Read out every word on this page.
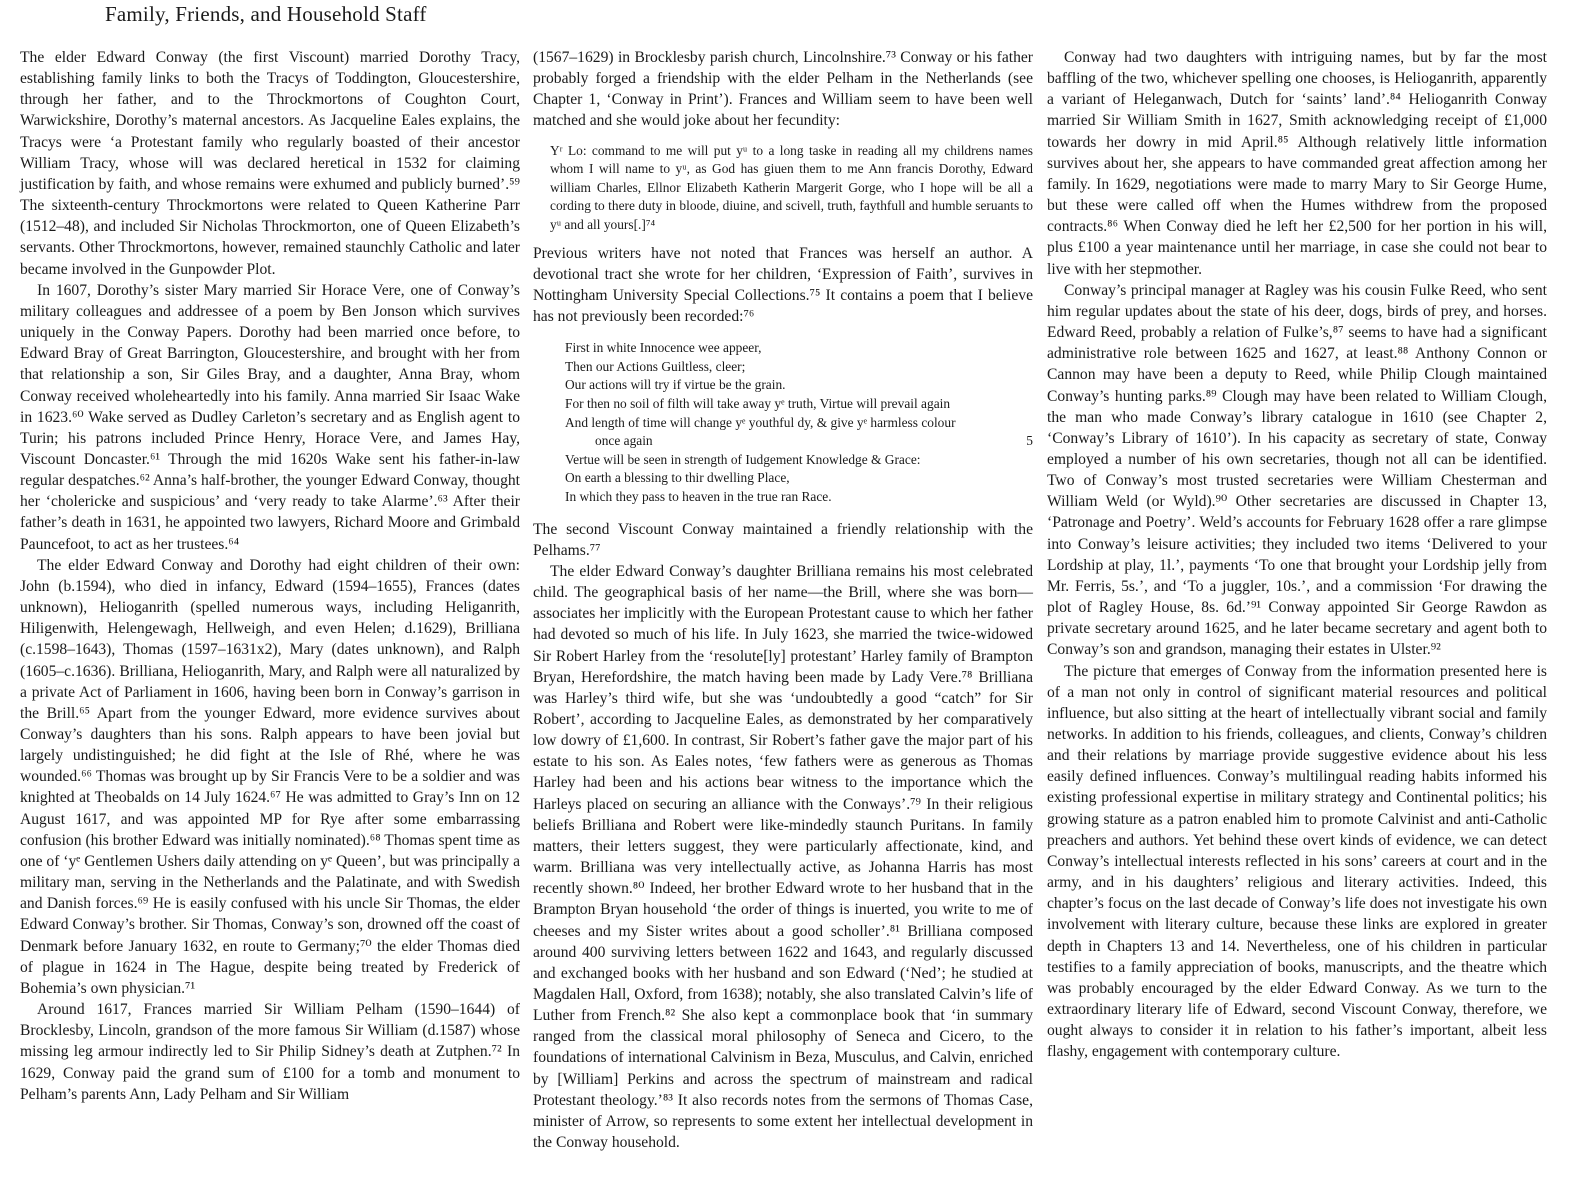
Family, Friends, and Household Staff

The elder Edward Conway (the first Viscount) married Dorothy Tracy, establishing family links to both the Tracys of Toddington, Gloucestershire, through her father, and to the Throckmortons of Coughton Court, Warwickshire, Dorothy’s maternal ancestors. As Jacqueline Eales explains, the Tracys were ‘a Protestant family who regularly boasted of their ancestor William Tracy, whose will was declared heretical in 1532 for claiming justification by faith, and whose remains were exhumed and publicly burned’.⁵⁹ The sixteenth-century Throckmortons were related to Queen Katherine Parr (1512–48), and included Sir Nicholas Throckmorton, one of Queen Elizabeth’s servants. Other Throckmortons, however, remained staunchly Catholic and later became involved in the Gunpowder Plot.

In 1607, Dorothy’s sister Mary married Sir Horace Vere, one of Conway’s military colleagues and addressee of a poem by Ben Jonson which survives uniquely in the Conway Papers. Dorothy had been married once before, to Edward Bray of Great Barrington, Gloucestershire, and brought with her from that relationship a son, Sir Giles Bray, and a daughter, Anna Bray, whom Conway received wholeheartedly into his family. Anna married Sir Isaac Wake in 1623.⁶⁰ Wake served as Dudley Carleton’s secretary and as English agent to Turin; his patrons included Prince Henry, Horace Vere, and James Hay, Viscount Doncaster.⁶¹ Through the mid 1620s Wake sent his father-in-law regular despatches.⁶² Anna’s half-brother, the younger Edward Conway, thought her ‘cholericke and suspicious’ and ‘very ready to take Alarme’.⁶³ After their father’s death in 1631, he appointed two lawyers, Richard Moore and Grimbald Pauncefoot, to act as her trustees.⁶⁴

The elder Edward Conway and Dorothy had eight children of their own: John (b.1594), who died in infancy, Edward (1594–1655), Frances (dates unknown), Helioganrith (spelled numerous ways, including Heliganrith, Hiligenwith, Helengewagh, Hellweigh, and even Helen; d.1629), Brilliana (c.1598–1643), Thomas (1597–1631x2), Mary (dates unknown), and Ralph (1605–c.1636). Brilliana, Helioganrith, Mary, and Ralph were all naturalized by a private Act of Parliament in 1606, having been born in Conway’s garrison in the Brill.⁶⁵ Apart from the younger Edward, more evidence survives about Conway’s daughters than his sons. Ralph appears to have been jovial but largely undistinguished; he did fight at the Isle of Rhé, where he was wounded.⁶⁶ Thomas was brought up by Sir Francis Vere to be a soldier and was knighted at Theobalds on 14 July 1624.⁶⁷ He was admitted to Gray’s Inn on 12 August 1617, and was appointed MP for Rye after some embarrassing confusion (his brother Edward was initially nominated).⁶⁸ Thomas spent time as one of ‘yᵉ Gentlemen Ushers daily attending on yᵉ Queen’, but was principally a military man, serving in the Netherlands and the Palatinate, and with Swedish and Danish forces.⁶⁹ He is easily confused with his uncle Sir Thomas, the elder Edward Conway’s brother. Sir Thomas, Conway’s son, drowned off the coast of Denmark before January 1632, en route to Germany;⁷⁰ the elder Thomas died of plague in 1624 in The Hague, despite being treated by Frederick of Bohemia’s own physician.⁷¹

Around 1617, Frances married Sir William Pelham (1590–1644) of Brocklesby, Lincoln, grandson of the more famous Sir William (d.1587) whose missing leg armour indirectly led to Sir Philip Sidney’s death at Zutphen.⁷² In 1629, Conway paid the grand sum of £100 for a tomb and monument to Pelham’s parents Ann, Lady Pelham and Sir William

(1567–1629) in Brocklesby parish church, Lincolnshire.⁷³ Conway or his father probably forged a friendship with the elder Pelham in the Netherlands (see Chapter 1, ‘Conway in Print’). Frances and William seem to have been well matched and she would joke about her fecundity:

Yʳ Lo: command to me will put yᵘ to a long taske in reading all my childrens names whom I will name to yᵘ, as God has giuen them to me Ann francis Dorothy, Edward william Charles, Ellnor Elizabeth Katherin Margerit Gorge, who I hope will be all a cording to there duty in bloode, diuine, and scivell, truth, faythfull and humble seruants to yᵘ and all yours[.]⁷⁴

Previous writers have not noted that Frances was herself an author. A devotional tract she wrote for her children, ‘Expression of Faith’, survives in Nottingham University Special Collections.⁷⁵ It contains a poem that I believe has not previously been recorded:⁷⁶

First in white Innocence wee appeer,
Then our Actions Guiltless, cleer;
Our actions will try if virtue be the grain.
For then no soil of filth will take away yᵉ truth, Virtue will prevail again
And length of time will change yᵉ youthful dy, & give yᵉ harmless colour
once again	5
Vertue will be seen in strength of Iudgement Knowledge & Grace:
On earth a blessing to thir dwelling Place,
In which they pass to heaven in the true ran Race.

The second Viscount Conway maintained a friendly relationship with the Pelhams.⁷⁷

The elder Edward Conway’s daughter Brilliana remains his most celebrated child. The geographical basis of her name—the Brill, where she was born—associates her implicitly with the European Protestant cause to which her father had devoted so much of his life. In July 1623, she married the twice-widowed Sir Robert Harley from the ‘resolute[ly] protestant’ Harley family of Brampton Bryan, Herefordshire, the match having been made by Lady Vere.⁷⁸ Brilliana was Harley’s third wife, but she was ‘undoubtedly a good “catch” for Sir Robert’, according to Jacqueline Eales, as demonstrated by her comparatively low dowry of £1,600. In contrast, Sir Robert’s father gave the major part of his estate to his son. As Eales notes, ‘few fathers were as generous as Thomas Harley had been and his actions bear witness to the importance which the Harleys placed on securing an alliance with the Conways’.⁷⁹ In their religious beliefs Brilliana and Robert were like-mindedly staunch Puritans. In family matters, their letters suggest, they were particularly affectionate, kind, and warm. Brilliana was very intellectually active, as Johanna Harris has most recently shown.⁸⁰ Indeed, her brother Edward wrote to her husband that in the Brampton Bryan household ‘the order of things is inuerted, you write to me of cheeses and my Sister writes about a good scholler’.⁸¹ Brilliana composed around 400 surviving letters between 1622 and 1643, and regularly discussed and exchanged books with her husband and son Edward (‘Ned’; he studied at Magdalen Hall, Oxford, from 1638); notably, she also translated Calvin’s life of Luther from French.⁸² She also kept a commonplace book that ‘in summary ranged from the classical moral philosophy of Seneca and Cicero, to the foundations of international Calvinism in Beza, Musculus, and Calvin, enriched by [William] Perkins and across the spectrum of mainstream and radical Protestant theology.’⁸³ It also records notes from the sermons of Thomas Case, minister of Arrow, so represents to some extent her intellectual development in the Conway household.

Conway had two daughters with intriguing names, but by far the most baffling of the two, whichever spelling one chooses, is Helioganrith, apparently a variant of Heleganwach, Dutch for ‘saints’ land’.⁸⁴ Helioganrith Conway married Sir William Smith in 1627, Smith acknowledging receipt of £1,000 towards her dowry in mid April.⁸⁵ Although relatively little information survives about her, she appears to have commanded great affection among her family. In 1629, negotiations were made to marry Mary to Sir George Hume, but these were called off when the Humes withdrew from the proposed contracts.⁸⁶ When Conway died he left her £2,500 for her portion in his will, plus £100 a year maintenance until her marriage, in case she could not bear to live with her stepmother.

Conway’s principal manager at Ragley was his cousin Fulke Reed, who sent him regular updates about the state of his deer, dogs, birds of prey, and horses. Edward Reed, probably a relation of Fulke’s,⁸⁷ seems to have had a significant administrative role between 1625 and 1627, at least.⁸⁸ Anthony Connon or Cannon may have been a deputy to Reed, while Philip Clough maintained Conway’s hunting parks.⁸⁹ Clough may have been related to William Clough, the man who made Conway’s library catalogue in 1610 (see Chapter 2, ‘Conway’s Library of 1610’). In his capacity as secretary of state, Conway employed a number of his own secretaries, though not all can be identified. Two of Conway’s most trusted secretaries were William Chesterman and William Weld (or Wyld).⁹⁰ Other secretaries are discussed in Chapter 13, ‘Patronage and Poetry’. Weld’s accounts for February 1628 offer a rare glimpse into Conway’s leisure activities; they included two items ‘Delivered to your Lordship at play, 1l.’, payments ‘To one that brought your Lordship jelly from Mr. Ferris, 5s.’, and ‘To a juggler, 10s.’, and a commission ‘For drawing the plot of Ragley House, 8s. 6d.’⁹¹ Conway appointed Sir George Rawdon as private secretary around 1625, and he later became secretary and agent both to Conway’s son and grandson, managing their estates in Ulster.⁹²

The picture that emerges of Conway from the information presented here is of a man not only in control of significant material resources and political influence, but also sitting at the heart of intellectually vibrant social and family networks. In addition to his friends, colleagues, and clients, Conway’s children and their relations by marriage provide suggestive evidence about his less easily defined influences. Conway’s multilingual reading habits informed his existing professional expertise in military strategy and Continental politics; his growing stature as a patron enabled him to promote Calvinist and anti-Catholic preachers and authors. Yet behind these overt kinds of evidence, we can detect Conway’s intellectual interests reflected in his sons’ careers at court and in the army, and in his daughters’ religious and literary activities. Indeed, this chapter’s focus on the last decade of Conway’s life does not investigate his own involvement with literary culture, because these links are explored in greater depth in Chapters 13 and 14. Nevertheless, one of his children in particular testifies to a family appreciation of books, manuscripts, and the theatre which was probably encouraged by the elder Edward Conway. As we turn to the extraordinary literary life of Edward, second Viscount Conway, therefore, we ought always to consider it in relation to his father’s important, albeit less flashy, engagement with contemporary culture.
